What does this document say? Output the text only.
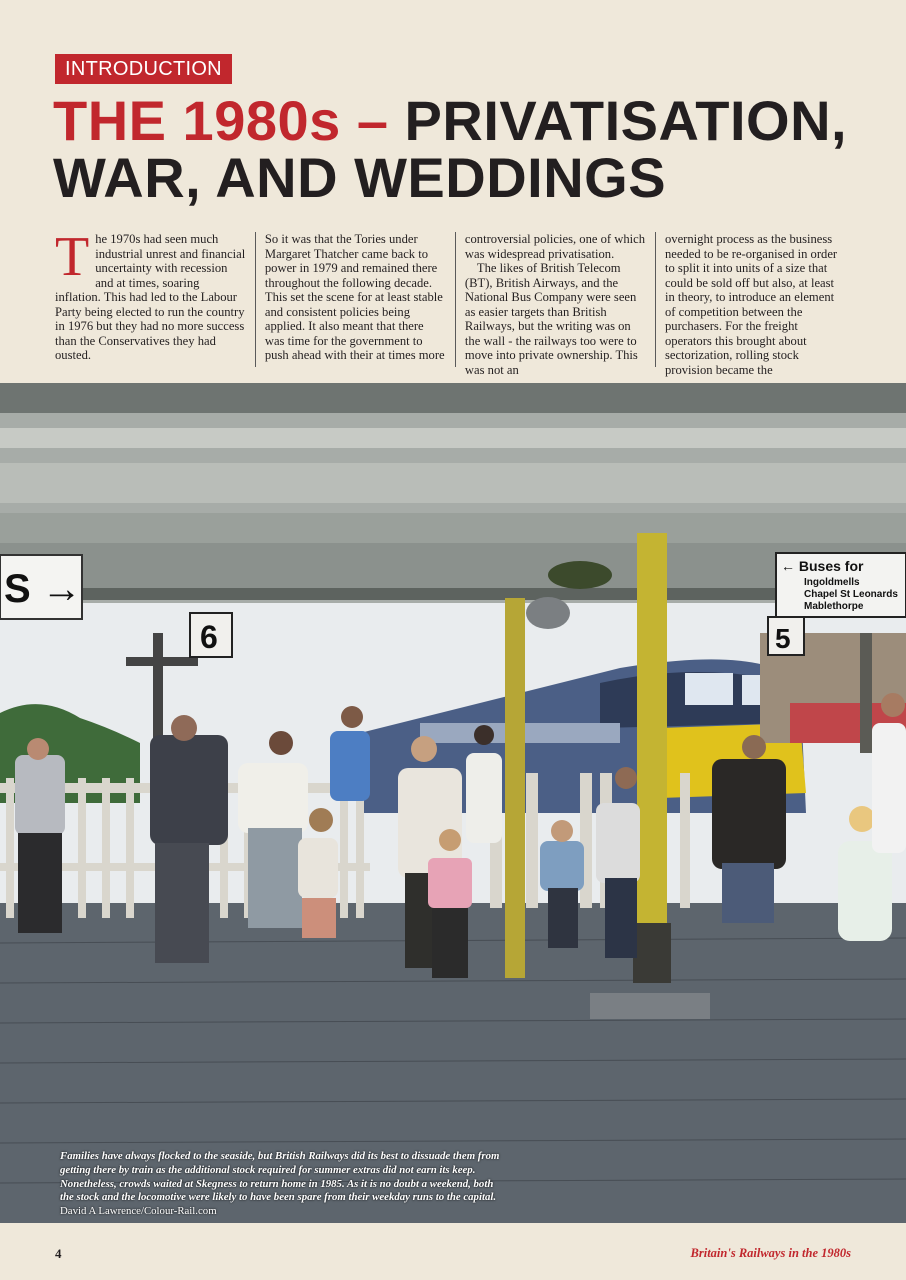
INTRODUCTION
THE 1980s – PRIVATISATION, WAR, AND WEDDINGS

The 1970s had seen much industrial unrest and financial uncertainty with recession and at times, soaring inflation. This had led to the Labour Party being elected to run the country in 1976 but they had no more success than the Conservatives they had ousted.

So it was that the Tories under Margaret Thatcher came back to power in 1979 and remained there throughout the following decade. This set the scene for at least stable and consistent policies being applied. It also meant that there was time for the government to push ahead with their at times more

controversial policies, one of which was widespread privatisation.

The likes of British Telecom (BT), British Airways, and the National Bus Company were seen as easier targets than British Railways, but the writing was on the wall - the railways too were to move into private ownership. This was not an

overnight process as the business needed to be re-organised in order to split it into units of a size that could be sold off but also, at least in theory, to introduce an element of competition between the purchasers. For the freight operators this brought about sectorization, rolling stock provision became the

S →
6	5
← Buses for
Ingoldmells
Chapel St Leonards
Mablethorpe
Families have always flocked to the seaside, but British Railways did its best to dissuade them from getting there by train as the additional stock required for summer extras did not earn its keep. Nonetheless, crowds waited at Skegness to return home in 1985. As it is no doubt a weekend, both the stock and the locomotive were likely to have been spare from their weekday runs to the capital. David A Lawrence/Colour-Rail.com
4	Britain's Railways in the 1980s
